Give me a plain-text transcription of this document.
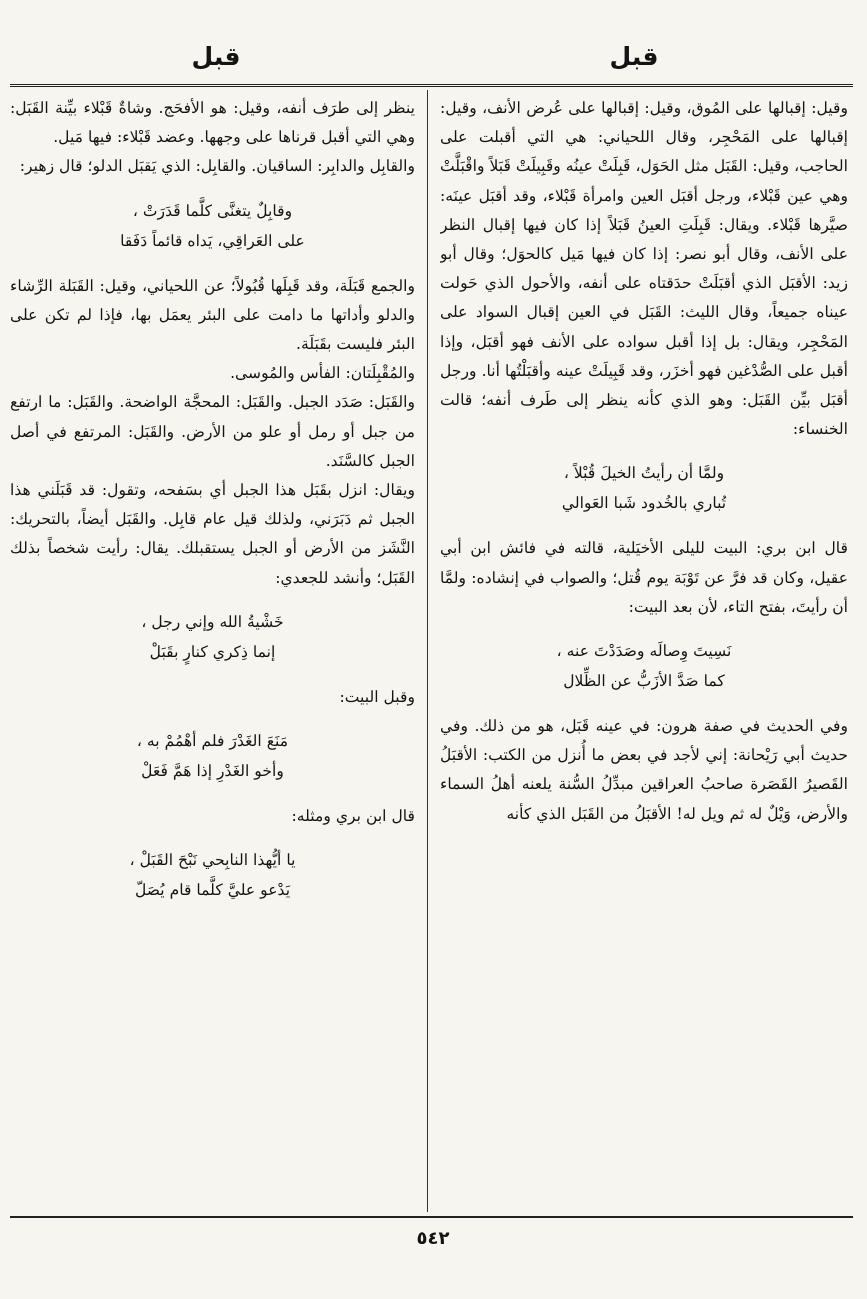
قبل
قبل

وقيل: إقبالها على المُوق، وقيل: إقبالها على عُرض الأنف، وقيل: إقبالها على المَحْجِر، وقال اللحياني: هي التي أقبلت على الحاجب، وقيل: القَبَل مثل الحَوَل، قَبِلَتْ عينُه وقَبِيلَتْ قَبَلاً واقْبَلَّتْ وهي عين قَبْلاء، ورجل أقبَل العين وامرأة قَبْلاء، وقد أقبَل عينَه: صيَّرها قَبْلاء. ويقال: قَبِلَتِ العينُ قَبَلاً إذا كان فيها إقبال النظر على الأنف، وقال أبو نصر: إذا كان فيها مَيل كالحوَل؛ وقال أبو زيد: الأقبَل الذي أقبَلَتْ حدَقتاه على أنفه، والأحول الذي حَولت عيناه جميعاً، وقال الليث: القَبَل في العين إقبال السواد على المَحْجِر، ويقال: بل إذا أقبل سواده على الأنف فهو أقبَل، وإذا أقبل على الصُّدْغين فهو أخزَر، وقد قَبِيلَتْ عينه وأقبَلْتُها أنا. ورجل أقبَل بيِّن القَبَل: وهو الذي كأنه ينظر إلى طَرف أنفه؛ قالت الخنساء:

ولمَّا أن رأيتُ الخيلَ قُبْلاً ،
تُباري بالخُدود شَبا العَوالي

قال ابن بري: البيت لليلى الأخيَلية، قالته في فائش ابن أبي عقيل، وكان قد فرَّ عن تَوْبَة يوم قُتل؛ والصواب في إنشاده: ولمَّا أن رأيتَ، بفتح التاء، لأن بعد البيت:

نَسِيتَ وِصالَه وصَدَدْتَ عنه ،
كما صَدَّ الأزَبُّ عن الظِّلال

وفي الحديث في صفة هرون: في عينه قَبَل، هو من ذلك. وفي حديث أبي رَيْحانة: إني لأجد في بعض ما أُنزل من الكتب: الأقبَلُ القَصيرُ القَصَرة صاحبُ العراقين مبدِّلُ السُّنة يلعنه أهلُ السماء والأرض، وَيْلٌ له ثم ويل له! الأقبَلُ من القَبَل الذي كأنه

ينظر إلى طرَف أنفه، وقيل: هو الأفحَج. وشاةٌ قَبْلاء بيِّنة القَبَل: وهي التي أقبل قرناها على وجهها. وعضد قَبْلاء: فيها مَيل.

والقابِل والدابِر: الساقيان. والقابِل: الذي يَقبَل الدلو؛ قال زهير:

وقابِلٌ يتغنَّى كلَّما قَدَرَتْ ،
على العَراقِي، يَداه قائماً دَفَقا

والجمع قَبَلَة، وقد قَبِلَها قُبُولاً؛ عن اللحياني، وقيل: القَبَلة الرِّشاء والدلو وأداتها ما دامت على البئر يعمَل بها، فإذا لم تكن على البئر فليست بقَبَلَة.

والمُقْبِلَتان: الفأس والمُوسى.

والقَبَل: صَدَد الجبل. والقَبَل: المحجَّة الواضحة. والقَبَل: ما ارتفع من جبل أو رمل أو علو من الأرض. والقَبَل: المرتفع في أصل الجبل كالسَّنَد.

ويقال: انزل بقَبَل هذا الجبل أي بسَفحه، وتقول: قد قَبَلَني هذا الجبل ثم دَبَرَني، ولذلك قيل عام قابِل. والقَبَل أيضاً، بالتحريك: النَّشَز من الأرض أو الجبل يستقبلك. يقال: رأيت شخصاً بذلك القَبَل؛ وأنشد للجعدي:

خَشْيةُ الله وإني رجل ،
إنما ذِكري كنارٍ بقَبَلْ

وقبل البيت:

مَنَعَ الغَدْرَ فلم أهْمُمْ به ،
وأخو الغَدْرِ إذا هَمَّ فَعَلْ

قال ابن بري ومثله:

يا أيُّهذا النابِحي نَبْحَ القَبَلْ ،
يَدْعو عليَّ كلَّما قام يُصَلّ
٥٤٢
